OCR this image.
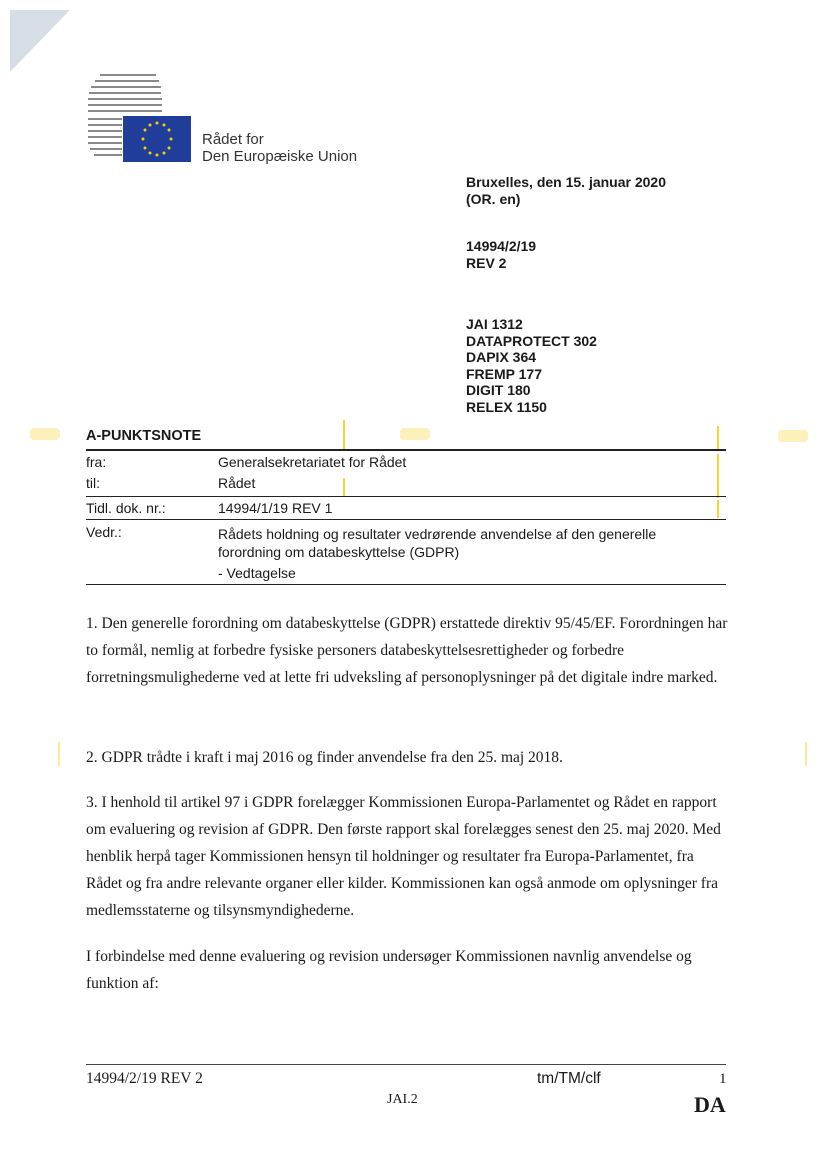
Rådet for
Den Europæiske Union
Bruxelles, den 15. januar 2020
(OR. en)
14994/2/19
REV 2
JAI 1312
DATAPROTECT 302
DAPIX 364
FREMP 177
DIGIT 180
RELEX 1150
A-PUNKTSNOTE
fra:	Generalsekretariatet for Rådet
til:	Rådet
Tidl. dok. nr.:	14994/1/19 REV 1
Vedr.:	Rådets holdning og resultater vedrørende anvendelse af den generelle
forordning om databeskyttelse (GDPR)
- Vedtagelse
1. Den generelle forordning om databeskyttelse (GDPR) erstattede direktiv 95/45/EF. Forordningen har to formål, nemlig at forbedre fysiske personers databeskyttelsesrettigheder og forbedre forretningsmulighederne ved at lette fri udveksling af personoplysninger på det digitale indre marked.
2. GDPR trådte i kraft i maj 2016 og finder anvendelse fra den 25. maj 2018.
3. I henhold til artikel 97 i GDPR forelægger Kommissionen Europa-Parlamentet og Rådet en rapport om evaluering og revision af GDPR. Den første rapport skal forelægges senest den 25. maj 2020. Med henblik herpå tager Kommissionen hensyn til holdninger og resultater fra Europa-Parlamentet, fra Rådet og fra andre relevante organer eller kilder. Kommissionen kan også anmode om oplysninger fra medlemsstaterne og tilsynsmyndighederne.
I forbindelse med denne evaluering og revision undersøger Kommissionen navnlig anvendelse og funktion af:
14994/2/19 REV 2	tm/TM/clf	1
JAI.2	DA
